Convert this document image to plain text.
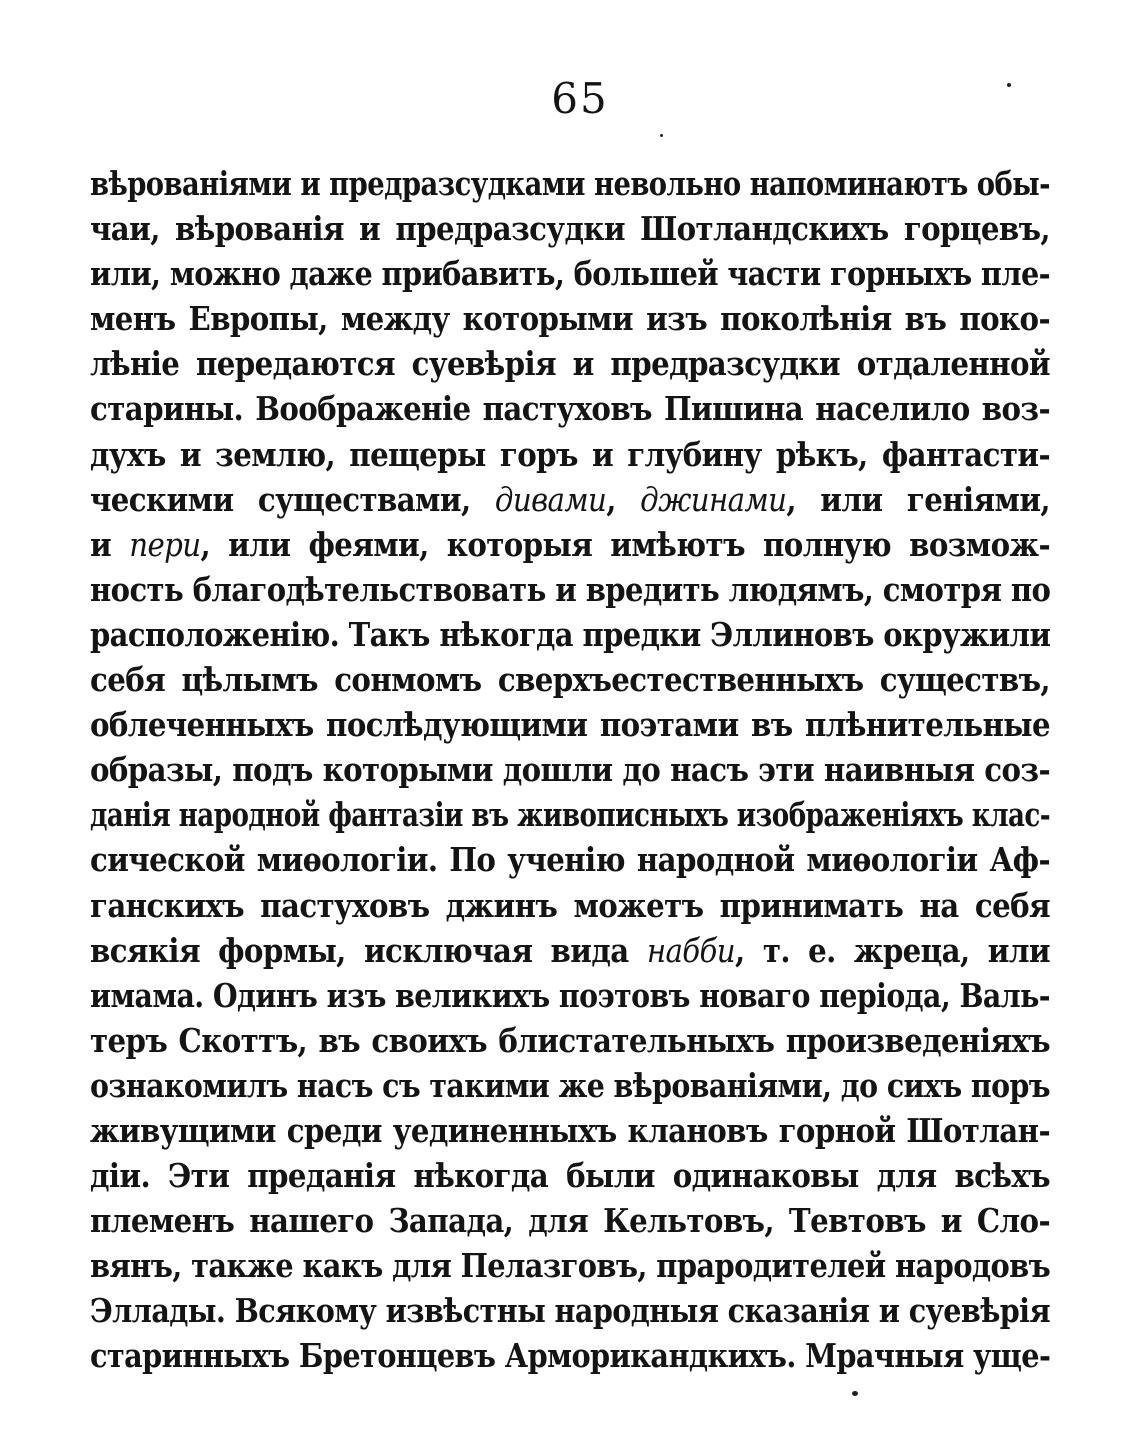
65
вѣрованіями и предразсудками невольно напоминаютъ обы-
чаи, вѣрованія и предразсудки Шотландскихъ горцевъ,
или, можно даже прибавить, большей части горныхъ пле-
менъ Европы, между которыми изъ поколѣнія въ поко-
лѣніе передаются суевѣрія и предразсудки отдаленной
старины. Воображеніе пастуховъ Пишина населило воз-
духъ и землю, пещеры горъ и глубину рѣкъ, фантасти-
ческими существами, дивами, джинами, или геніями,
и пери, или феями, которыя имѣютъ полную возмож-
ность благодѣтельствовать и вредить людямъ, смотря по
расположенію. Такъ нѣкогда предки Эллиновъ окружили
себя цѣлымъ сонмомъ сверхъестественныхъ существъ,
облеченныхъ послѣдующими поэтами въ плѣнительные
образы, подъ которыми дошли до насъ эти наивныя соз-
данія народной фантазіи въ живописныхъ изображеніяхъ клас-
сической миѳологіи. По ученію народной миѳологіи Аф-
ганскихъ пастуховъ джинъ можетъ принимать на себя
всякія формы, исключая вида набби, т. е. жреца, или
имама. Одинъ изъ великихъ поэтовъ новаго періода, Валь-
теръ Скоттъ, въ своихъ блистательныхъ произведеніяхъ
ознакомилъ насъ съ такими же вѣрованіями, до сихъ поръ
живущими среди уединенныхъ клановъ горной Шотлан-
діи. Эти преданія нѣкогда были одинаковы для всѣхъ
племенъ нашего Запада, для Кельтовъ, Тевтовъ и Сло-
вянъ, также какъ для Пелазговъ, прародителей народовъ
Эллады. Всякому извѣстны народныя сказанія и суевѣрія
старинныхъ Бретонцевъ Арморикандкихъ. Мрачныя уще-
